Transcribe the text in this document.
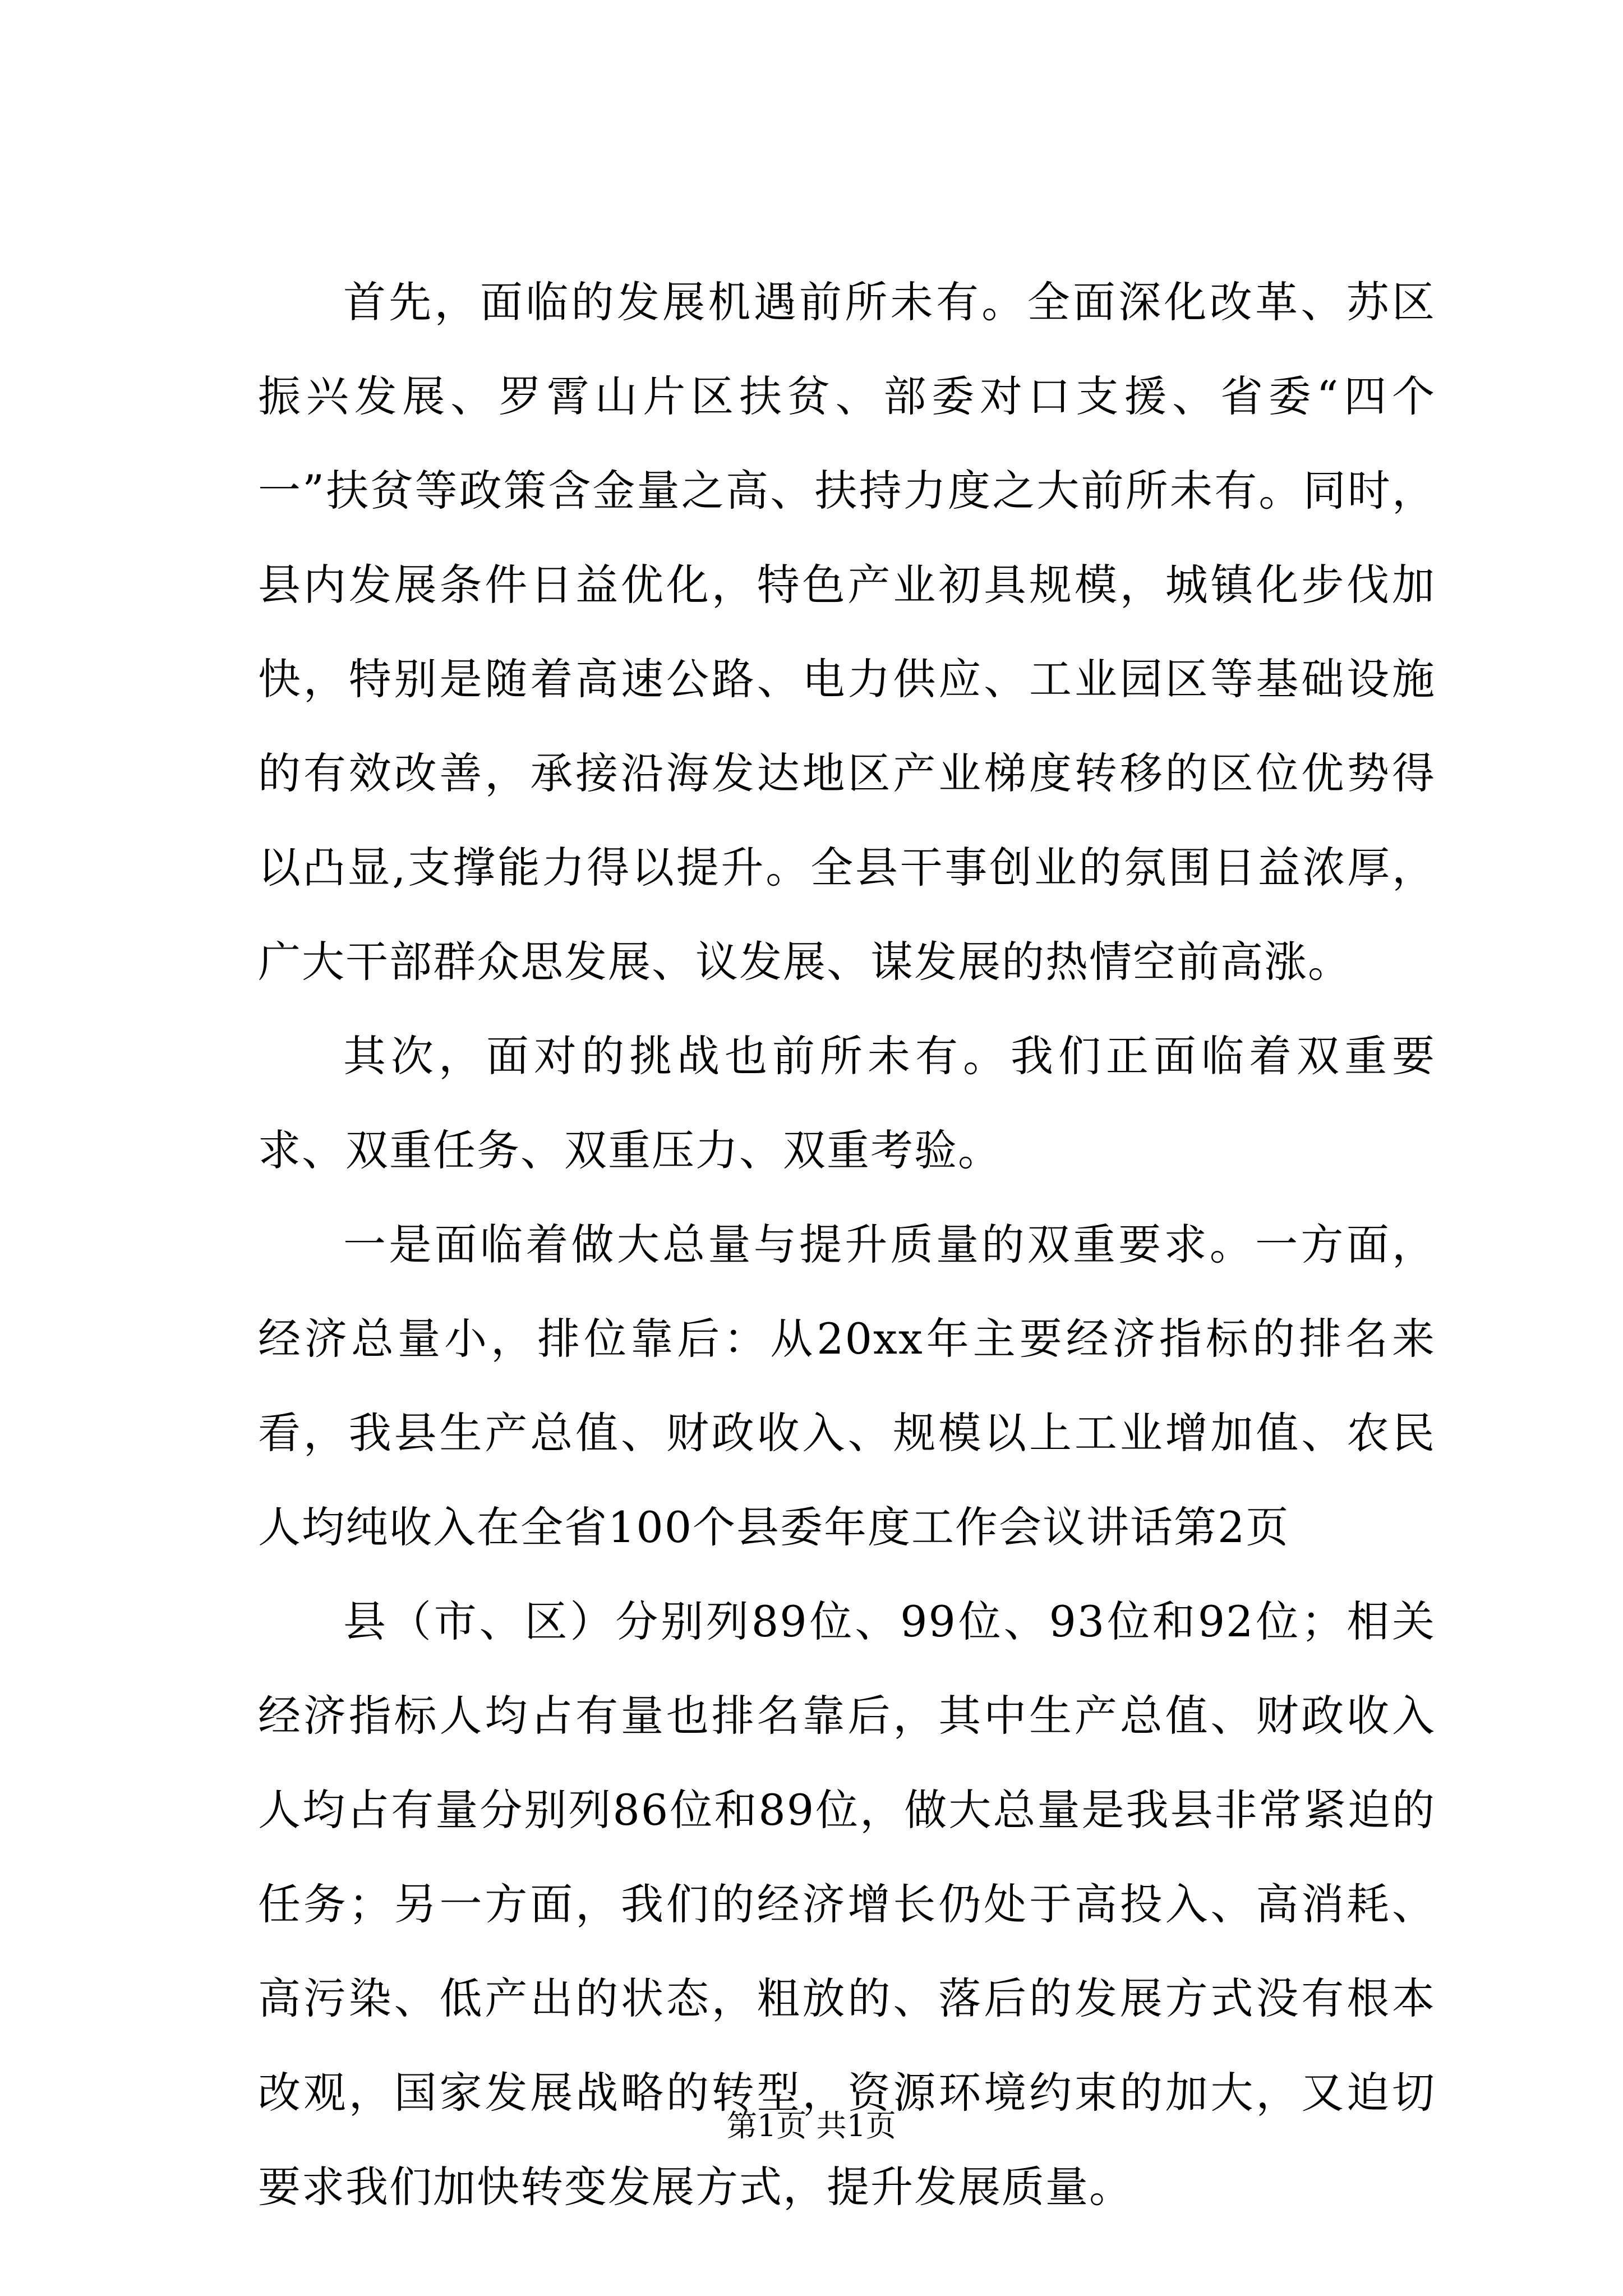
首先，面临的发展机遇前所未有。全面深化改革、苏区振兴发展、罗霄山片区扶贫、部委对口支援、省委“四个一”扶贫等政策含金量之高、扶持力度之大前所未有。同时，县内发展条件日益优化，特色产业初具规模，城镇化步伐加快，特别是随着高速公路、电力供应、工业园区等基础设施的有效改善，承接沿海发达地区产业梯度转移的区位优势得以凸显,支撑能力得以提升。全县干事创业的氛围日益浓厚，广大干部群众思发展、议发展、谋发展的热情空前高涨。

其次，面对的挑战也前所未有。我们正面临着双重要求、双重任务、双重压力、双重考验。

一是面临着做大总量与提升质量的双重要求。一方面，经济总量小，排位靠后：从20xx年主要经济指标的排名来看，我县生产总值、财政收入、规模以上工业增加值、农民人均纯收入在全省100个县委年度工作会议讲话第2页

县（市、区）分别列89位、99位、93位和92位；相关经济指标人均占有量也排名靠后，其中生产总值、财政收入人均占有量分别列86位和89位，做大总量是我县非常紧迫的任务；另一方面，我们的经济增长仍处于高投入、高消耗、高污染、低产出的状态，粗放的、落后的发展方式没有根本改观，国家发展战略的转型，资源环境约束的加大，又迫切要求我们加快转变发展方式，提升发展质量。

第1页 共1页
